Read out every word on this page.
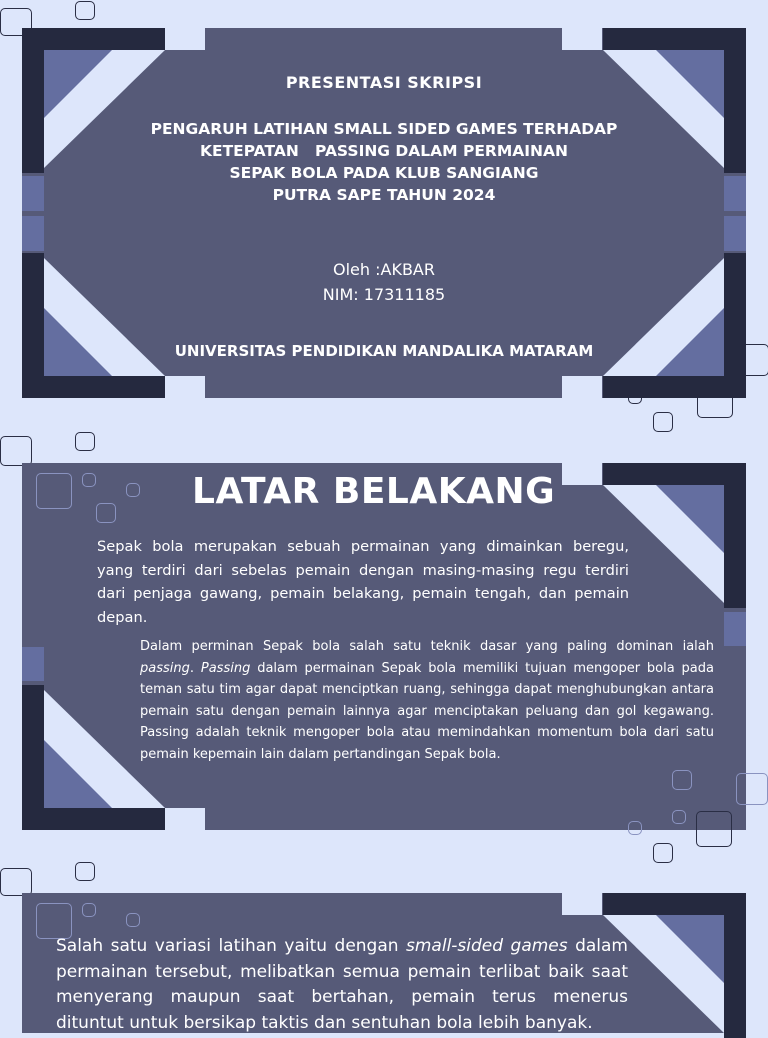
PRESENTASI SKRIPSI
PENGARUH LATIHAN SMALL SIDED GAMES TERHADAP
KETEPATAN   PASSING DALAM PERMAINAN
SEPAK BOLA PADA KLUB SANGIANG
PUTRA SAPE TAHUN 2024
Oleh :AKBAR
NIM: 17311185
UNIVERSITAS PENDIDIKAN MANDALIKA MATARAM
LATAR BELAKANG

Sepak bola merupakan sebuah permainan yang dimainkan beregu, yang terdiri dari sebelas pemain dengan masing-masing regu terdiri dari penjaga gawang, pemain belakang, pemain tengah, dan pemain depan.

Dalam perminan Sepak bola salah satu teknik dasar yang paling dominan ialah passing. Passing dalam permainan Sepak bola memiliki tujuan mengoper bola pada teman satu tim agar dapat menciptkan ruang, sehingga dapat menghubungkan antara pemain satu dengan pemain lainnya agar menciptakan peluang dan gol kegawang. Passing adalah teknik mengoper bola atau memindahkan momentum bola dari satu pemain kepemain lain dalam pertandingan Sepak bola.

Salah satu variasi latihan yaitu dengan small-sided games dalam permainan tersebut, melibatkan semua pemain terlibat baik saat menyerang maupun saat bertahan, pemain terus menerus dituntut untuk bersikap taktis dan sentuhan bola lebih banyak.
